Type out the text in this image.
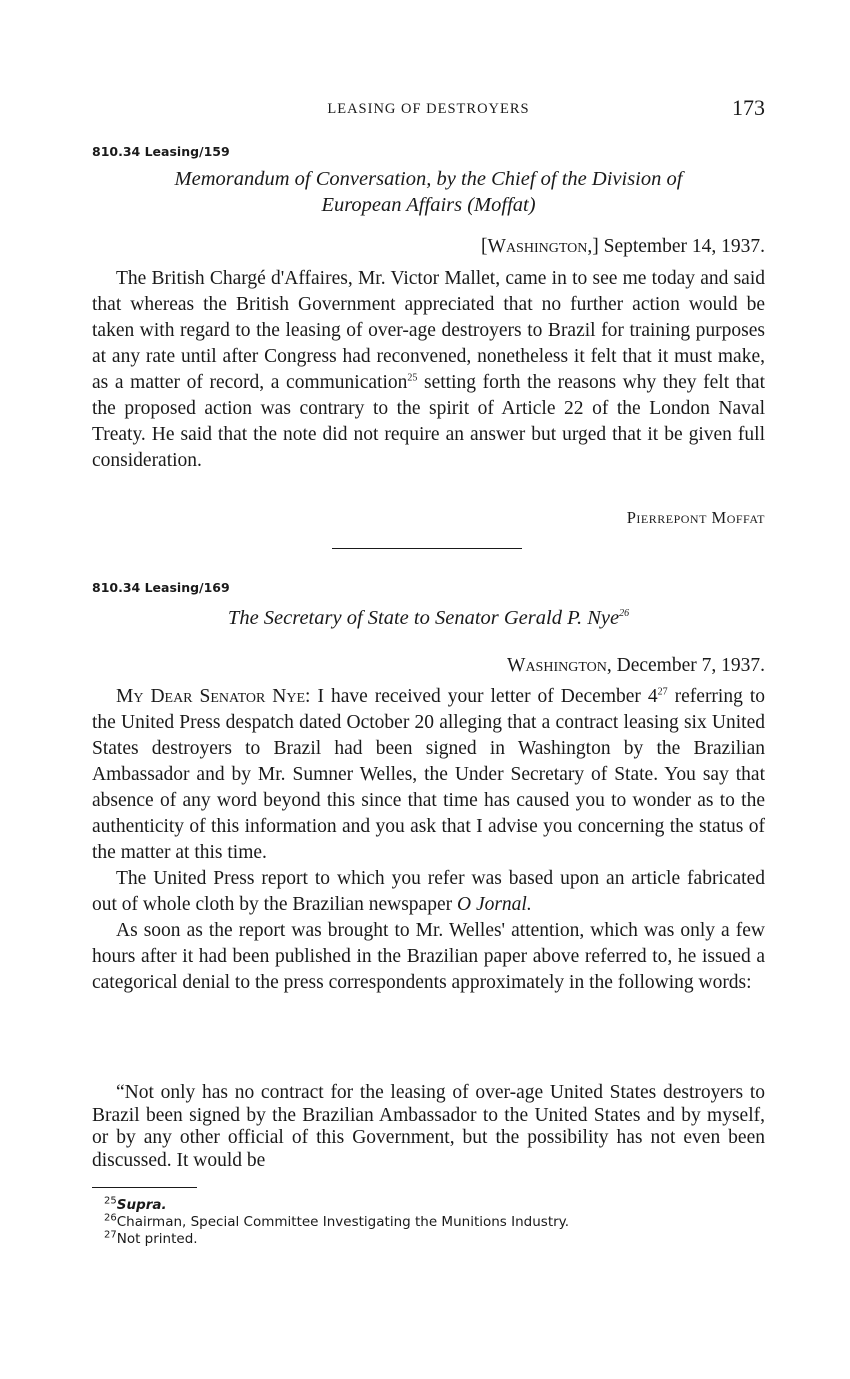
LEASING OF DESTROYERS	173
810.34 Leasing/159
Memorandum of Conversation, by the Chief of the Division of
European Affairs (Moffat)
[Washington,] September 14, 1937.

The British Chargé d'Affaires, Mr. Victor Mallet, came in to see me today and said that whereas the British Government appreciated that no further action would be taken with regard to the leasing of over-age destroyers to Brazil for training purposes at any rate until after Congress had reconvened, nonetheless it felt that it must make, as a matter of record, a communication$^{25}$ setting forth the reasons why they felt that the proposed action was contrary to the spirit of Article 22 of the London Naval Treaty. He said that the note did not require an answer but urged that it be given full consideration.

Pierrepont Moffat
810.34 Leasing/169
The Secretary of State to Senator Gerald P. Nye$^{26}$
Washington, December 7, 1937.

My Dear Senator Nye: I have received your letter of December $4^{27}$ referring to the United Press despatch dated October 20 alleging that a contract leasing six United States destroyers to Brazil had been signed in Washington by the Brazilian Ambassador and by Mr. Sumner Welles, the Under Secretary of State. You say that absence of any word beyond this since that time has caused you to wonder as to the authenticity of this information and you ask that I advise you concerning the status of the matter at this time.

The United Press report to which you refer was based upon an article fabricated out of whole cloth by the Brazilian newspaper O Jornal.

As soon as the report was brought to Mr. Welles' attention, which was only a few hours after it had been published in the Brazilian paper above referred to, he issued a categorical denial to the press correspondents approximately in the following words:

“Not only has no contract for the leasing of over-age United States destroyers to Brazil been signed by the Brazilian Ambassador to the United States and by myself, or by any other official of this Government, but the possibility has not even been discussed. It would be

$^{25}$Supra.
$^{26}$Chairman, Special Committee Investigating the Munitions Industry.
$^{27}$Not printed.
